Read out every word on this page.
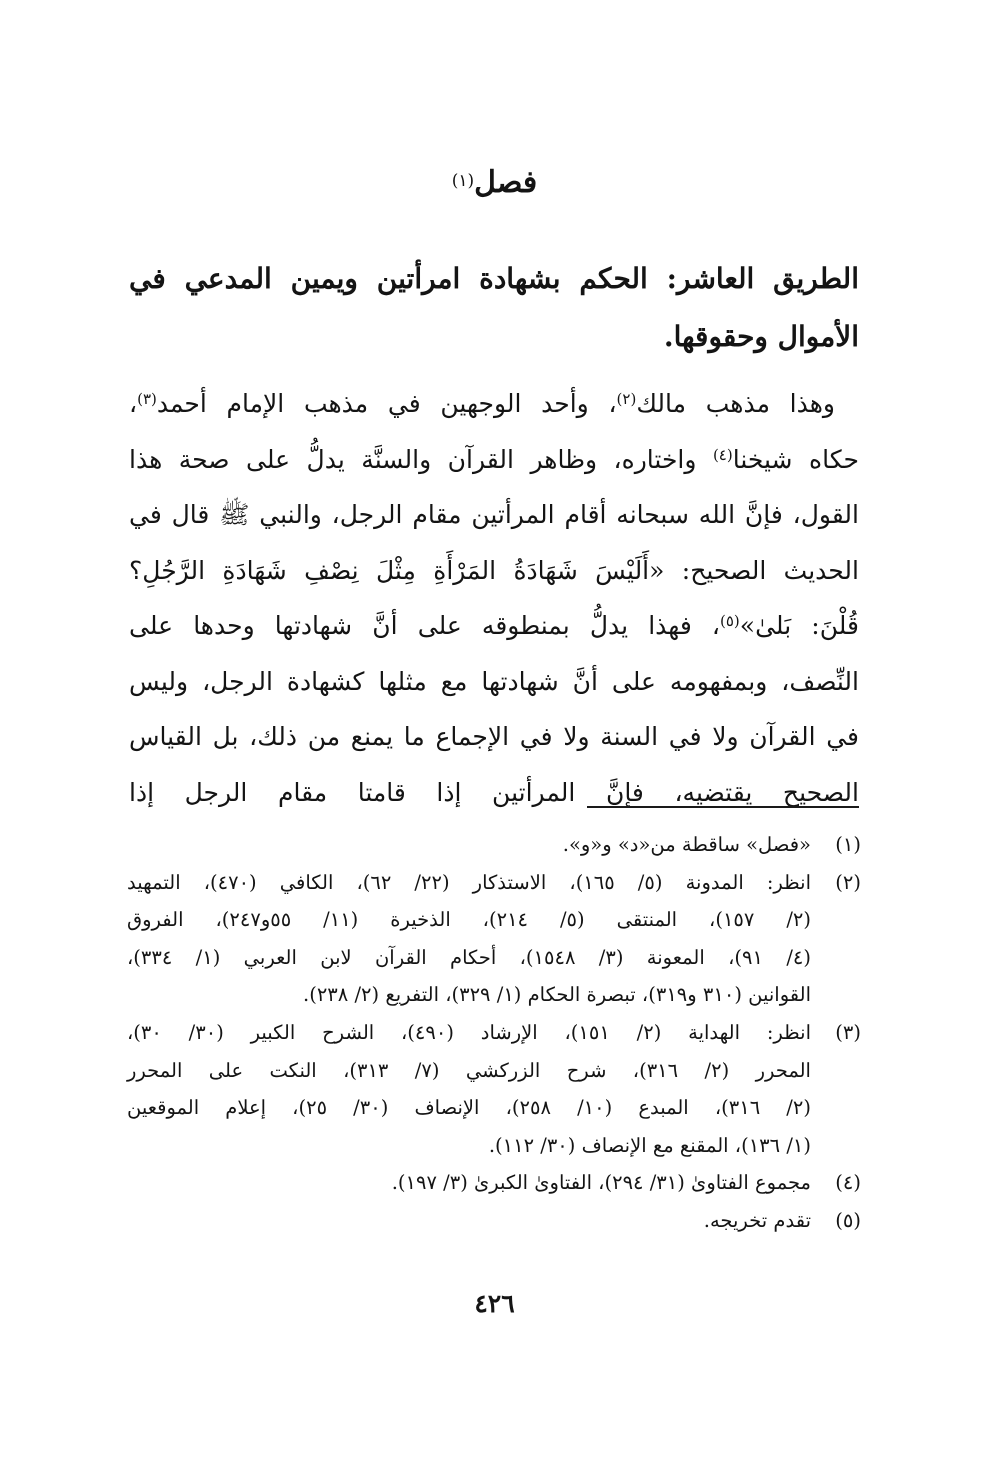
فصل$^{(١)}$
الطريق العاشر: الحكم بشهادة امرأتين ويمين المدعي في الأموال وحقوقها.
وهذا مذهب مالك$^{(٢)}$، وأحد الوجهين في مذهب الإمام أحمد$^{(٣)}$،
حكاه شيخنا$^{(٤)}$ واختاره، وظاهر القرآن والسنَّة يدلُّ على صحة هذا
القول، فإنَّ الله سبحانه أقام المرأتين مقام الرجل، والنبي ﷺ قال في
الحديث الصحيح: «أَلَيْسَ شَهَادَةُ المَرْأَةِ مِثْلَ نِصْفِ شَهَادَةِ الرَّجُلِ؟
قُلْنَ: بَلىٰ»$^{(٥)}$، فهذا يدلُّ بمنطوقه على أنَّ شهادتها وحدها على
النِّصف، وبمفهومه على أنَّ شهادتها مع مثلها كشهادة الرجل، وليس
في القرآن ولا في السنة ولا في الإجماع ما يمنع من ذلك، بل القياس
الصحيح يقتضيه، فإنَّ المرأتين إذا قامتا مقام الرجل إذا
(١)
«فصل» ساقطة من«د» و«و».
(٢)
انظر: المدونة (٥/ ١٦٥)، الاستذكار (٢٢/ ٦٢)، الكافي (٤٧٠)، التمهيد
(٢/ ١٥٧)، المنتقى (٥/ ٢١٤)، الذخيرة (١١/ ٥٥و٢٤٧)، الفروق
(٤/ ٩١)، المعونة (٣/ ١٥٤٨)، أحكام القرآن لابن العربي (١/ ٣٣٤)،
القوانين (٣١٠ و٣١٩)، تبصرة الحكام (١/ ٣٢٩)، التفريع (٢/ ٢٣٨).
(٣)
انظر: الهداية (٢/ ١٥١)، الإرشاد (٤٩٠)، الشرح الكبير (٣٠/ ٣٠)،
المحرر (٢/ ٣١٦)، شرح الزركشي (٧/ ٣١٣)، النكت على المحرر
(٢/ ٣١٦)، المبدع (١٠/ ٢٥٨)، الإنصاف (٣٠/ ٢٥)، إعلام الموقعين
(١/ ١٣٦)، المقنع مع الإنصاف (٣٠/ ١١٢).
(٤)
مجموع الفتاوىٰ (٣١/ ٢٩٤)، الفتاوىٰ الكبرىٰ (٣/ ١٩٧).
(٥)
تقدم تخريجه.
٤٢٦
